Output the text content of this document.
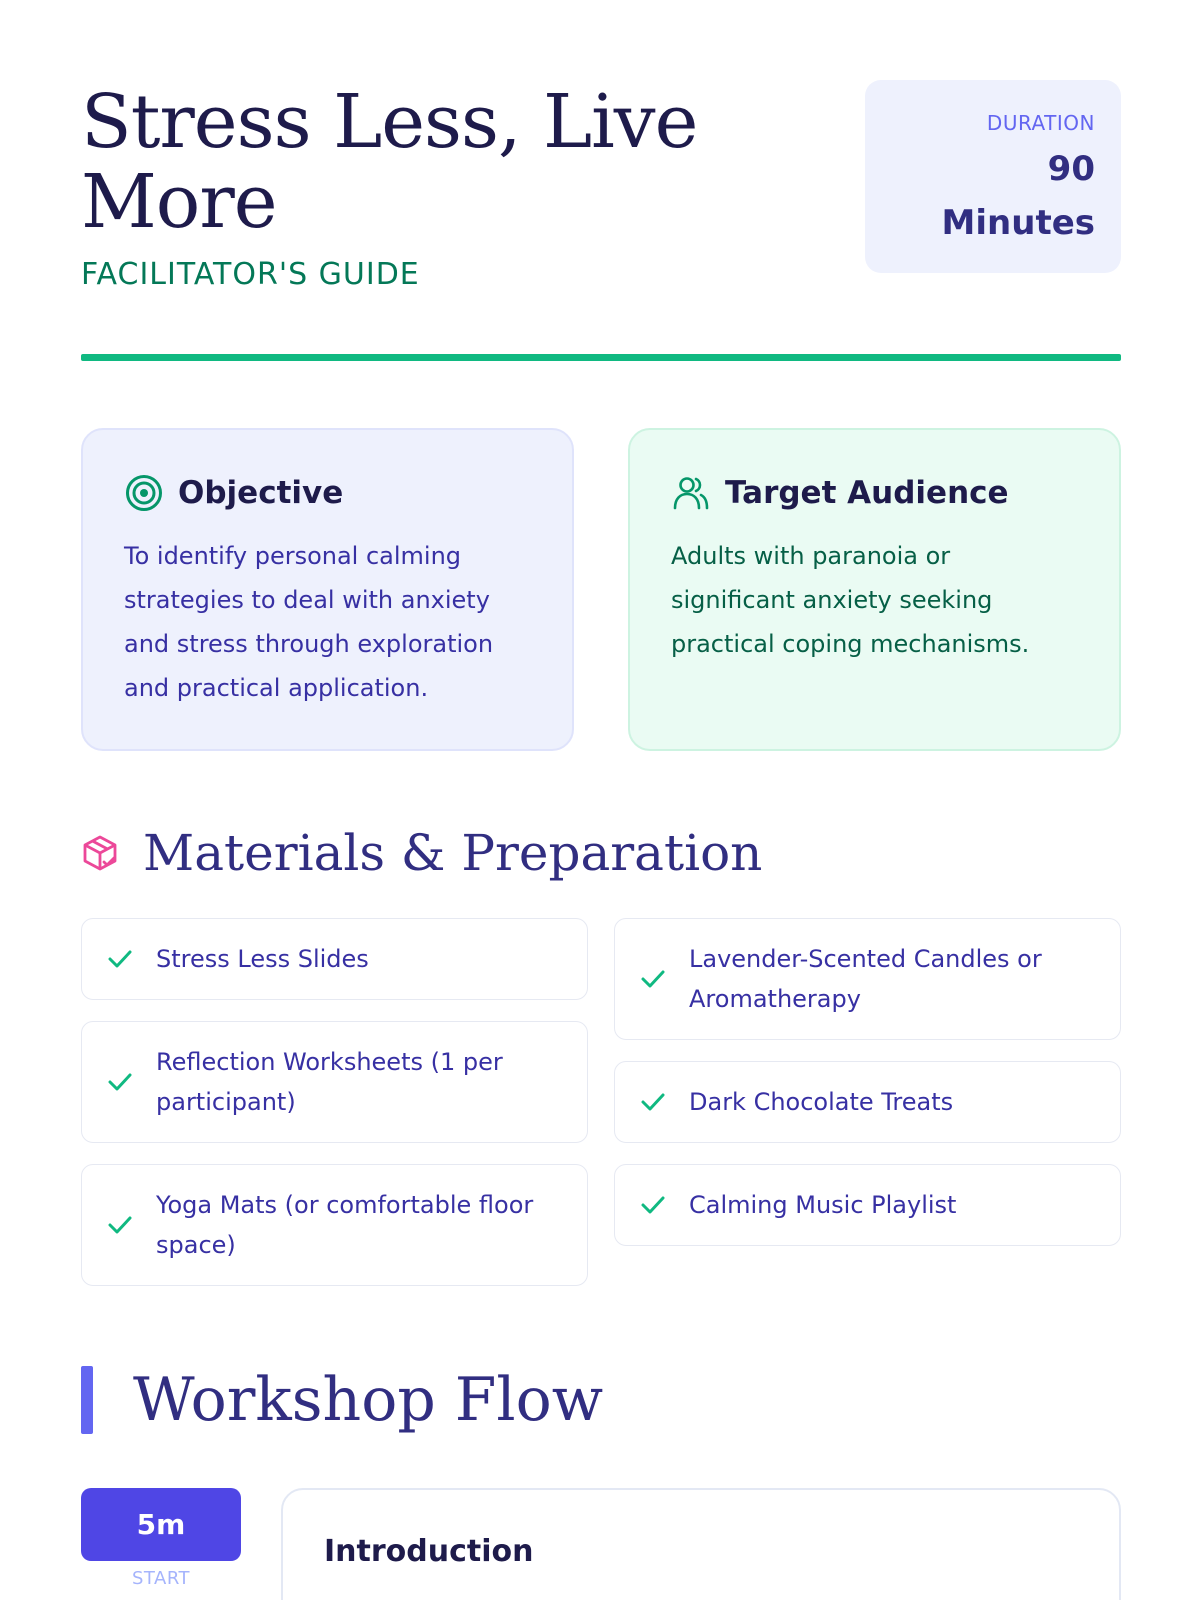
Stress Less, Live More
FACILITATOR'S GUIDE
DURATION
90
Minutes
Objective

To identify personal calming strategies to deal with anxiety and stress through exploration and practical application.

Target Audience

Adults with paranoia or significant anxiety seeking practical coping mechanisms.

Materials & Preparation
Stress Less Slides	Lavender-Scented Candles or Aromatherapy
Reflection Worksheets (1 per participant)	Dark Chocolate Treats
Yoga Mats (or comfortable floor space)
Calming Music Playlist
Workshop Flow
5m
START
Introduction
